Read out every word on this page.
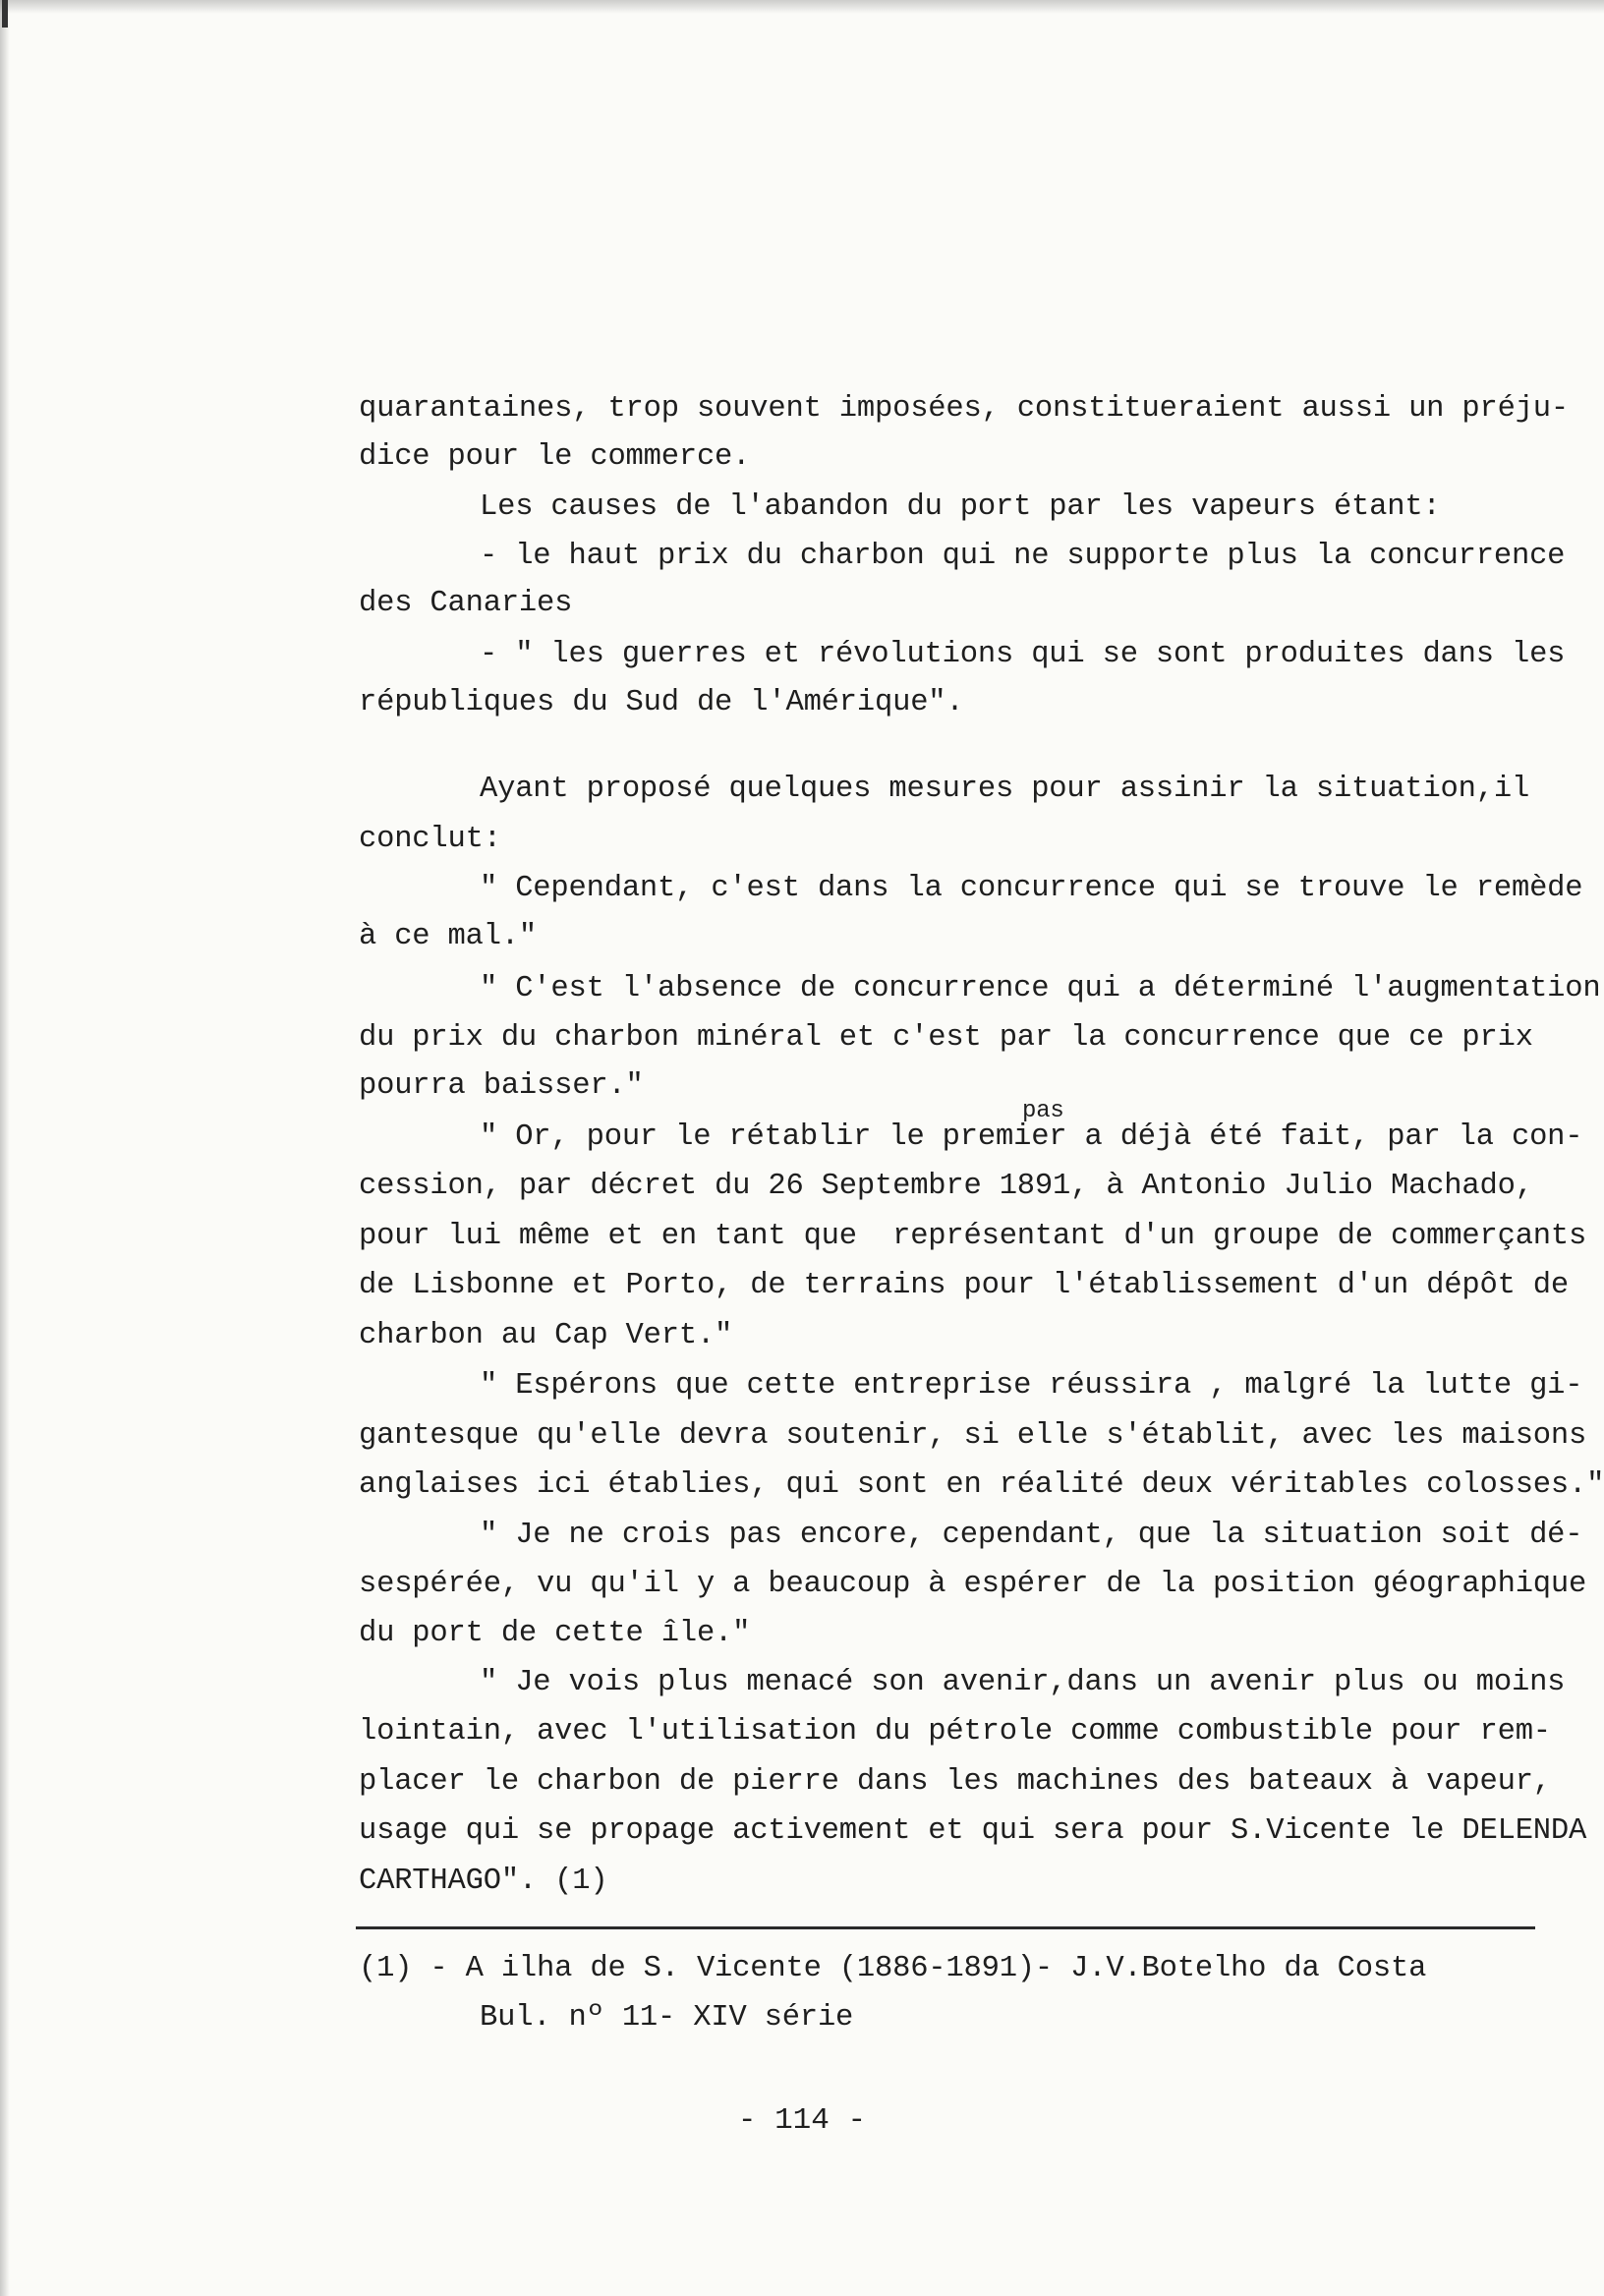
quarantaines, trop souvent imposées, constitueraient aussi un préju-
dice pour le commerce.
Les causes de l'abandon du port par les vapeurs étant:
- le haut prix du charbon qui ne supporte plus la concurrence
des Canaries
- " les guerres et révolutions qui se sont produites dans les
républiques du Sud de l'Amérique".
Ayant proposé quelques mesures pour assinir la situation,il
conclut:
" Cependant, c'est dans la concurrence qui se trouve le remède
à ce mal."
" C'est l'absence de concurrence qui a déterminé l'augmentation
du prix du charbon minéral et c'est par la concurrence que ce prix
pourra baisser."
pas
" Or, pour le rétablir le premier a déjà été fait, par la con-
cession, par décret du 26 Septembre 1891, à Antonio Julio Machado,
pour lui même et en tant que  représentant d'un groupe de commerçants
de Lisbonne et Porto, de terrains pour l'établissement d'un dépôt de
charbon au Cap Vert."
" Espérons que cette entreprise réussira , malgré la lutte gi-
gantesque qu'elle devra soutenir, si elle s'établit, avec les maisons
anglaises ici établies, qui sont en réalité deux véritables colosses."
" Je ne crois pas encore, cependant, que la situation soit dé-
sespérée, vu qu'il y a beaucoup à espérer de la position géographique
du port de cette île."
" Je vois plus menacé son avenir,dans un avenir plus ou moins
lointain, avec l'utilisation du pétrole comme combustible pour rem-
placer le charbon de pierre dans les machines des bateaux à vapeur,
usage qui se propage activement et qui sera pour S.Vicente le DELENDA
CARTHAGO". (1)
(1) - A ilha de S. Vicente (1886-1891)- J.V.Botelho da Costa
Bul. nº 11- XIV série
- 114 -
